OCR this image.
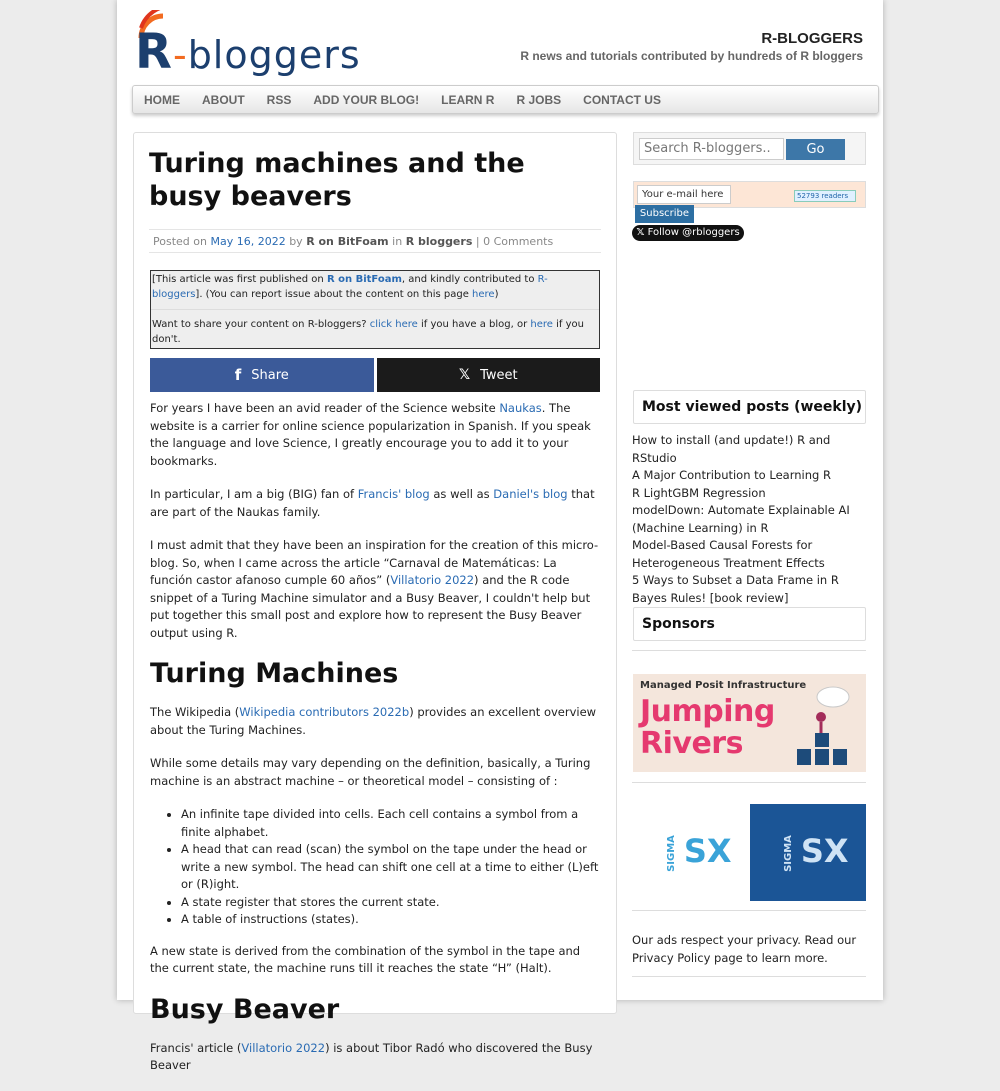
R-bloggers	R-BLOGGERS
R news and tutorials contributed by hundreds of R bloggers
HOME ABOUT RSS ADD YOUR BLOG! LEARN R R JOBS CONTACT US
Turing machines and the busy beavers
Posted on May 16, 2022 by R on BitFoam in R bloggers | 0 Comments
[This article was first published on R on BitFoam, and kindly contributed to R-bloggers]. (You can report issue about the content on this page here)
Want to share your content on R-bloggers? click here if you have a blog, or here if you don't.
f Share	𝕏 Tweet

For years I have been an avid reader of the Science website Naukas. The website is a carrier for online science popularization in Spanish. If you speak the language and love Science, I greatly encourage you to add it to your bookmarks.

In particular, I am a big (BIG) fan of Francis' blog as well as Daniel's blog that are part of the Naukas family.

I must admit that they have been an inspiration for the creation of this micro-blog. So, when I came across the article “Carnaval de Matemáticas: La función castor afanoso cumple 60 años” (Villatorio 2022) and the R code snippet of a Turing Machine simulator and a Busy Beaver, I couldn't help but put together this small post and explore how to represent the Busy Beaver output using R.

Turing Machines

The Wikipedia (Wikipedia contributors 2022b) provides an excellent overview about the Turing Machines.

While some details may vary depending on the definition, basically, a Turing machine is an abstract machine – or theoretical model – consisting of :

• An infinite tape divided into cells. Each cell contains a symbol from a finite alphabet.
• A head that can read (scan) the symbol on the tape under the head or write a new symbol. The head can shift one cell at a time to either (L)eft or (R)ight.
• A state register that stores the current state.
• A table of instructions (states).

A new state is derived from the combination of the symbol in the tape and the current state, the machine runs till it reaches the state “H” (Halt).

Busy Beaver

Francis' article (Villatorio 2022) is about Tibor Radó who discovered the Busy Beaver

Search R-bloggers..	Go
Your e-mail here	52793 readers
Subscribe
𝕏 Follow @rbloggers
Most viewed posts (weekly)
How to install (and update!) R and RStudio
A Major Contribution to Learning R
R LightGBM Regression
modelDown: Automate Explainable AI (Machine Learning) in R
Model-Based Causal Forests for Heterogeneous Treatment Effects
5 Ways to Subset a Data Frame in R
Bayes Rules! [book review]
Sponsors
Managed Posit Infrastructure
Jumping
Rivers
SIGMA SX	SIGMA SX
Our ads respect your privacy. Read our Privacy Policy page to learn more.
